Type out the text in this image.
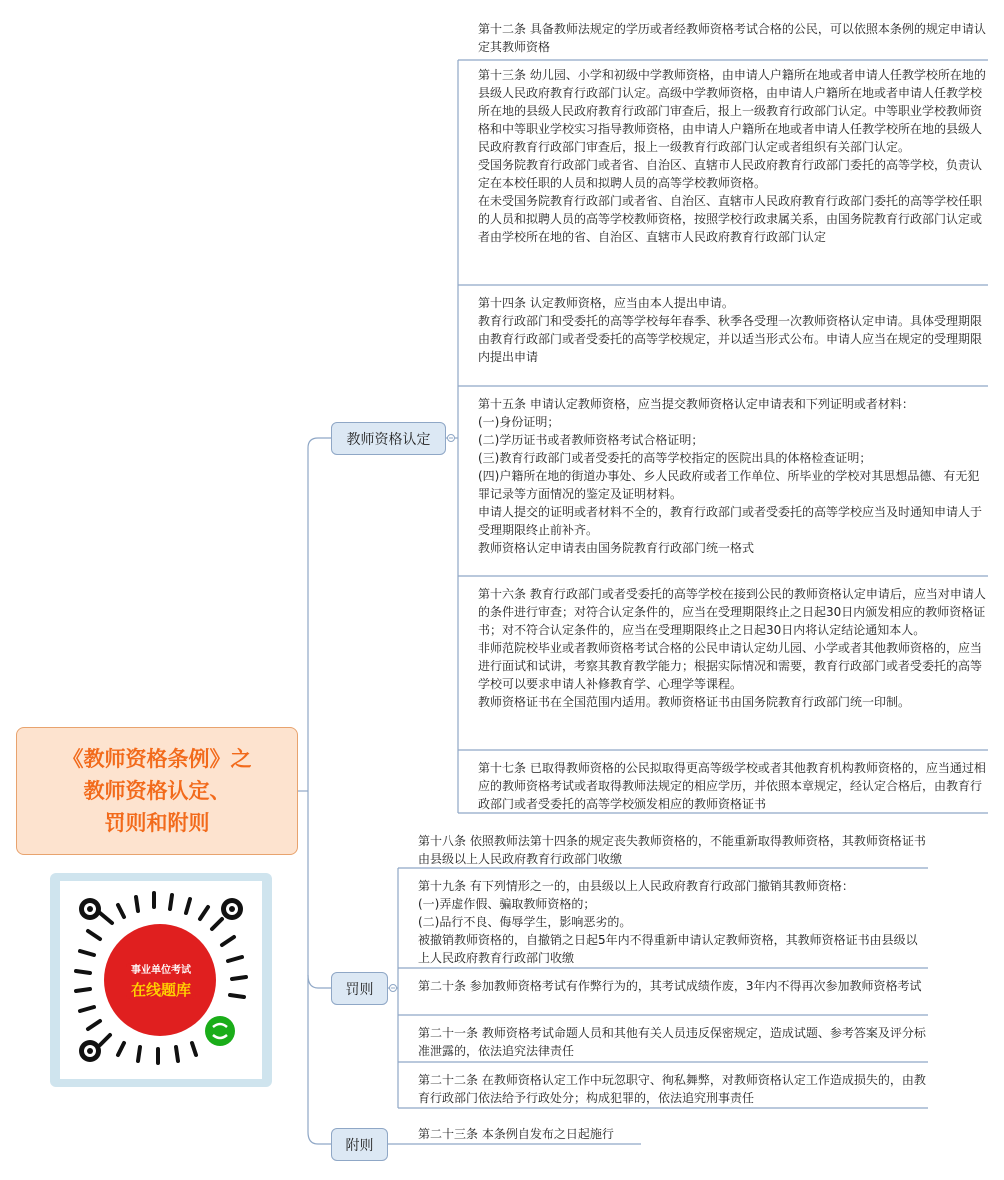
《教师资格条例》之
教师资格认定、
罚则和附则
事业单位考试
在线题库
教师资格认定

第十二条 具备教师法规定的学历或者经教师资格考试合格的公民，可以依照本条例的规定申请认定其教师资格

第十三条 幼儿园、小学和初级中学教师资格，由申请人户籍所在地或者申请人任教学校所在地的县级人民政府教育行政部门认定。高级中学教师资格，由申请人户籍所在地或者申请人任教学校所在地的县级人民政府教育行政部门审查后，报上一级教育行政部门认定。中等职业学校教师资格和中等职业学校实习指导教师资格，由申请人户籍所在地或者申请人任教学校所在地的县级人民政府教育行政部门审查后，报上一级教育行政部门认定或者组织有关部门认定。

受国务院教育行政部门或者省、自治区、直辖市人民政府教育行政部门委托的高等学校，负责认定在本校任职的人员和拟聘人员的高等学校教师资格。

在未受国务院教育行政部门或者省、自治区、直辖市人民政府教育行政部门委托的高等学校任职的人员和拟聘人员的高等学校教师资格，按照学校行政隶属关系，由国务院教育行政部门认定或者由学校所在地的省、自治区、直辖市人民政府教育行政部门认定

第十四条 认定教师资格，应当由本人提出申请。

教育行政部门和受委托的高等学校每年春季、秋季各受理一次教师资格认定申请。具体受理期限由教育行政部门或者受委托的高等学校规定，并以适当形式公布。申请人应当在规定的受理期限内提出申请

第十五条 申请认定教师资格，应当提交教师资格认定申请表和下列证明或者材料：

(一)身份证明；

(二)学历证书或者教师资格考试合格证明；

(三)教育行政部门或者受委托的高等学校指定的医院出具的体格检查证明；

(四)户籍所在地的街道办事处、乡人民政府或者工作单位、所毕业的学校对其思想品德、有无犯罪记录等方面情况的鉴定及证明材料。

申请人提交的证明或者材料不全的，教育行政部门或者受委托的高等学校应当及时通知申请人于受理期限终止前补齐。

教师资格认定申请表由国务院教育行政部门统一格式

第十六条 教育行政部门或者受委托的高等学校在接到公民的教师资格认定申请后，应当对申请人的条件进行审查；对符合认定条件的，应当在受理期限终止之日起30日内颁发相应的教师资格证书；对不符合认定条件的，应当在受理期限终止之日起30日内将认定结论通知本人。

非师范院校毕业或者教师资格考试合格的公民申请认定幼儿园、小学或者其他教师资格的，应当进行面试和试讲，考察其教育教学能力；根据实际情况和需要，教育行政部门或者受委托的高等学校可以要求申请人补修教育学、心理学等课程。

教师资格证书在全国范围内适用。教师资格证书由国务院教育行政部门统一印制。

第十七条 已取得教师资格的公民拟取得更高等级学校或者其他教育机构教师资格的，应当通过相应的教师资格考试或者取得教师法规定的相应学历，并依照本章规定，经认定合格后，由教育行政部门或者受委托的高等学校颁发相应的教师资格证书

罚则

第十八条 依照教师法第十四条的规定丧失教师资格的，不能重新取得教师资格，其教师资格证书由县级以上人民政府教育行政部门收缴

第十九条 有下列情形之一的，由县级以上人民政府教育行政部门撤销其教师资格：

(一)弄虚作假、骗取教师资格的；

(二)品行不良、侮辱学生，影响恶劣的。

被撤销教师资格的，自撤销之日起5年内不得重新申请认定教师资格，其教师资格证书由县级以上人民政府教育行政部门收缴

第二十条 参加教师资格考试有作弊行为的，其考试成绩作废，3年内不得再次参加教师资格考试

第二十一条 教师资格考试命题人员和其他有关人员违反保密规定，造成试题、参考答案及评分标准泄露的，依法追究法律责任

第二十二条 在教师资格认定工作中玩忽职守、徇私舞弊，对教师资格认定工作造成损失的，由教育行政部门依法给予行政处分；构成犯罪的，依法追究刑事责任

附则

第二十三条 本条例自发布之日起施行
